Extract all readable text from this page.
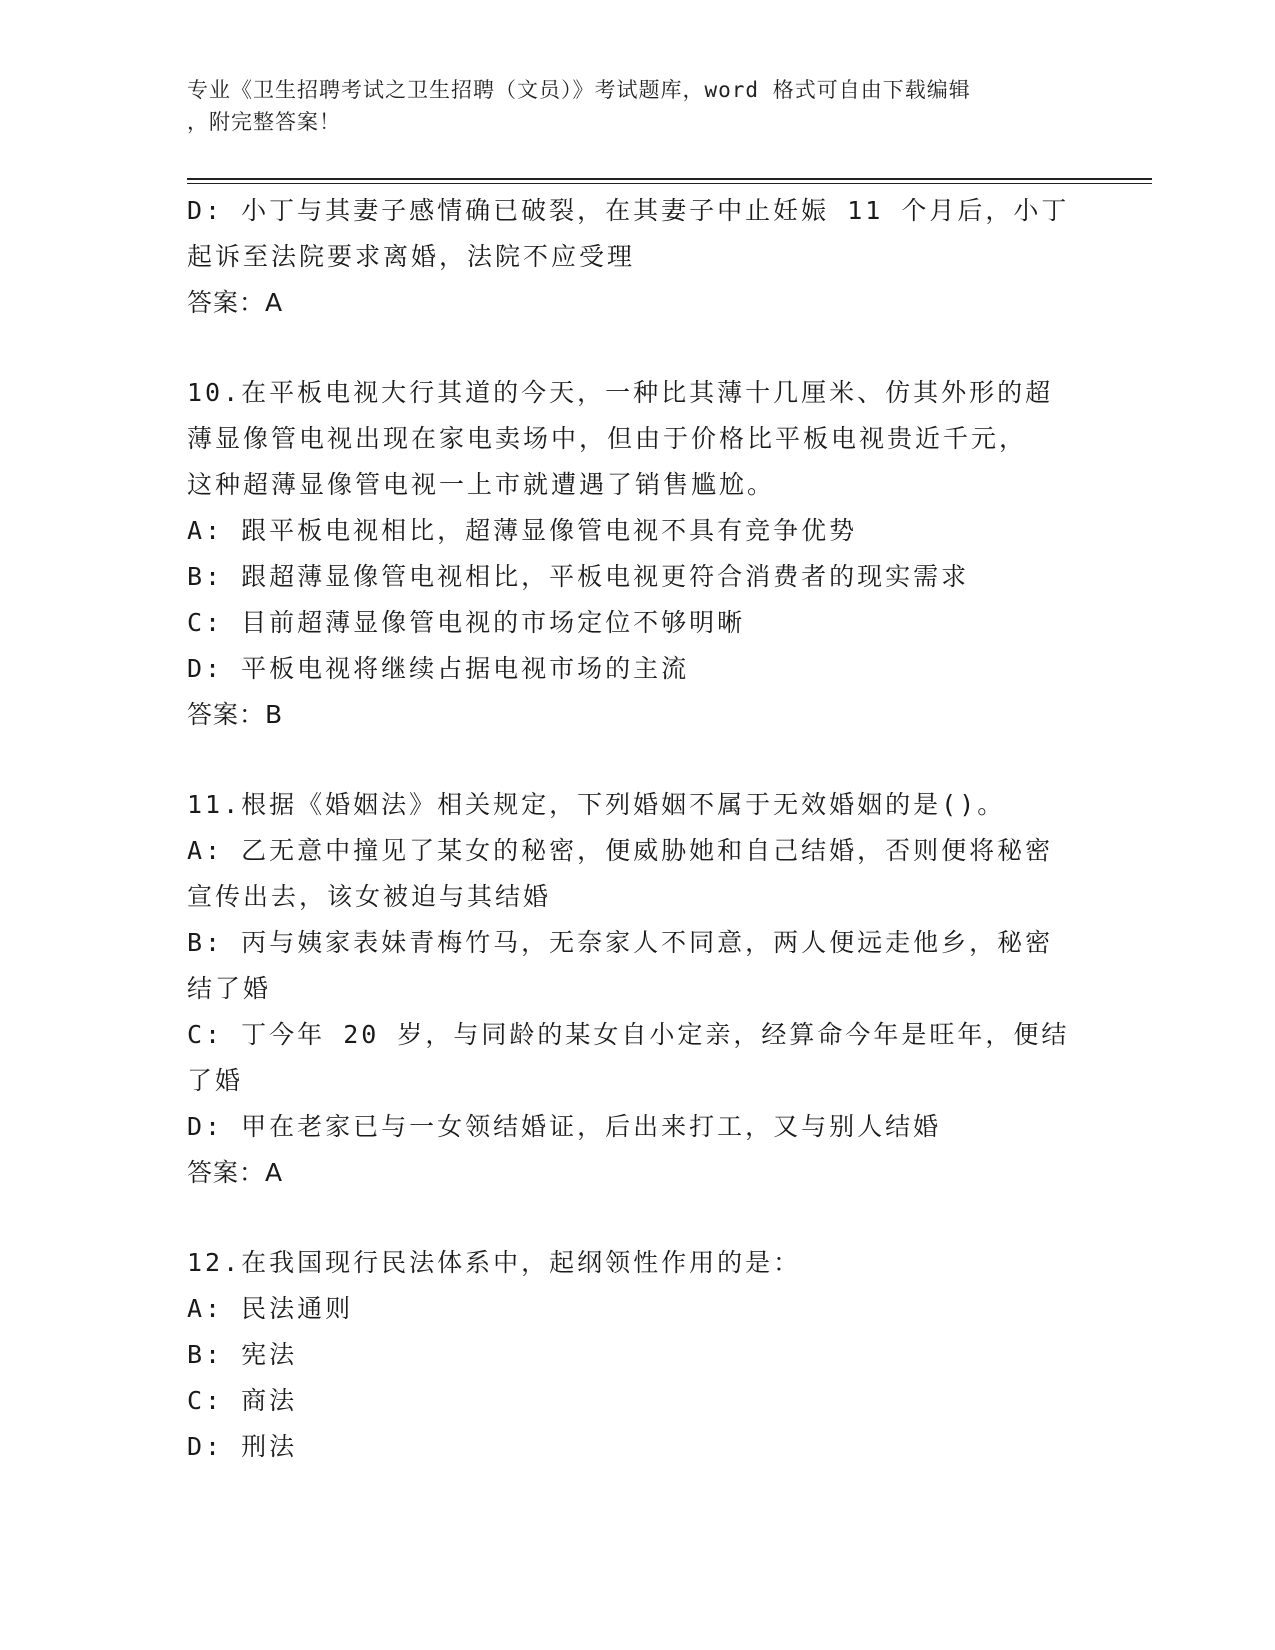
专业《卫生招聘考试之卫生招聘（文员）》考试题库，word 格式可自由下载编辑
，附完整答案！
D: 小丁与其妻子感情确已破裂，在其妻子中止妊娠 11 个月后，小丁
起诉至法院要求离婚，法院不应受理
答案：A
10.在平板电视大行其道的今天，一种比其薄十几厘米、仿其外形的超
薄显像管电视出现在家电卖场中，但由于价格比平板电视贵近千元，
这种超薄显像管电视一上市就遭遇了销售尴尬。
A: 跟平板电视相比，超薄显像管电视不具有竞争优势
B: 跟超薄显像管电视相比，平板电视更符合消费者的现实需求
C: 目前超薄显像管电视的市场定位不够明晰
D: 平板电视将继续占据电视市场的主流
答案：B
11.根据《婚姻法》相关规定，下列婚姻不属于无效婚姻的是()。
A: 乙无意中撞见了某女的秘密，便威胁她和自己结婚，否则便将秘密
宣传出去，该女被迫与其结婚
B: 丙与姨家表妹青梅竹马，无奈家人不同意，两人便远走他乡，秘密
结了婚
C: 丁今年 20 岁，与同龄的某女自小定亲，经算命今年是旺年，便结
了婚
D: 甲在老家已与一女领结婚证，后出来打工，又与别人结婚
答案：A
12.在我国现行民法体系中，起纲领性作用的是：
A: 民法通则
B: 宪法
C: 商法
D: 刑法
